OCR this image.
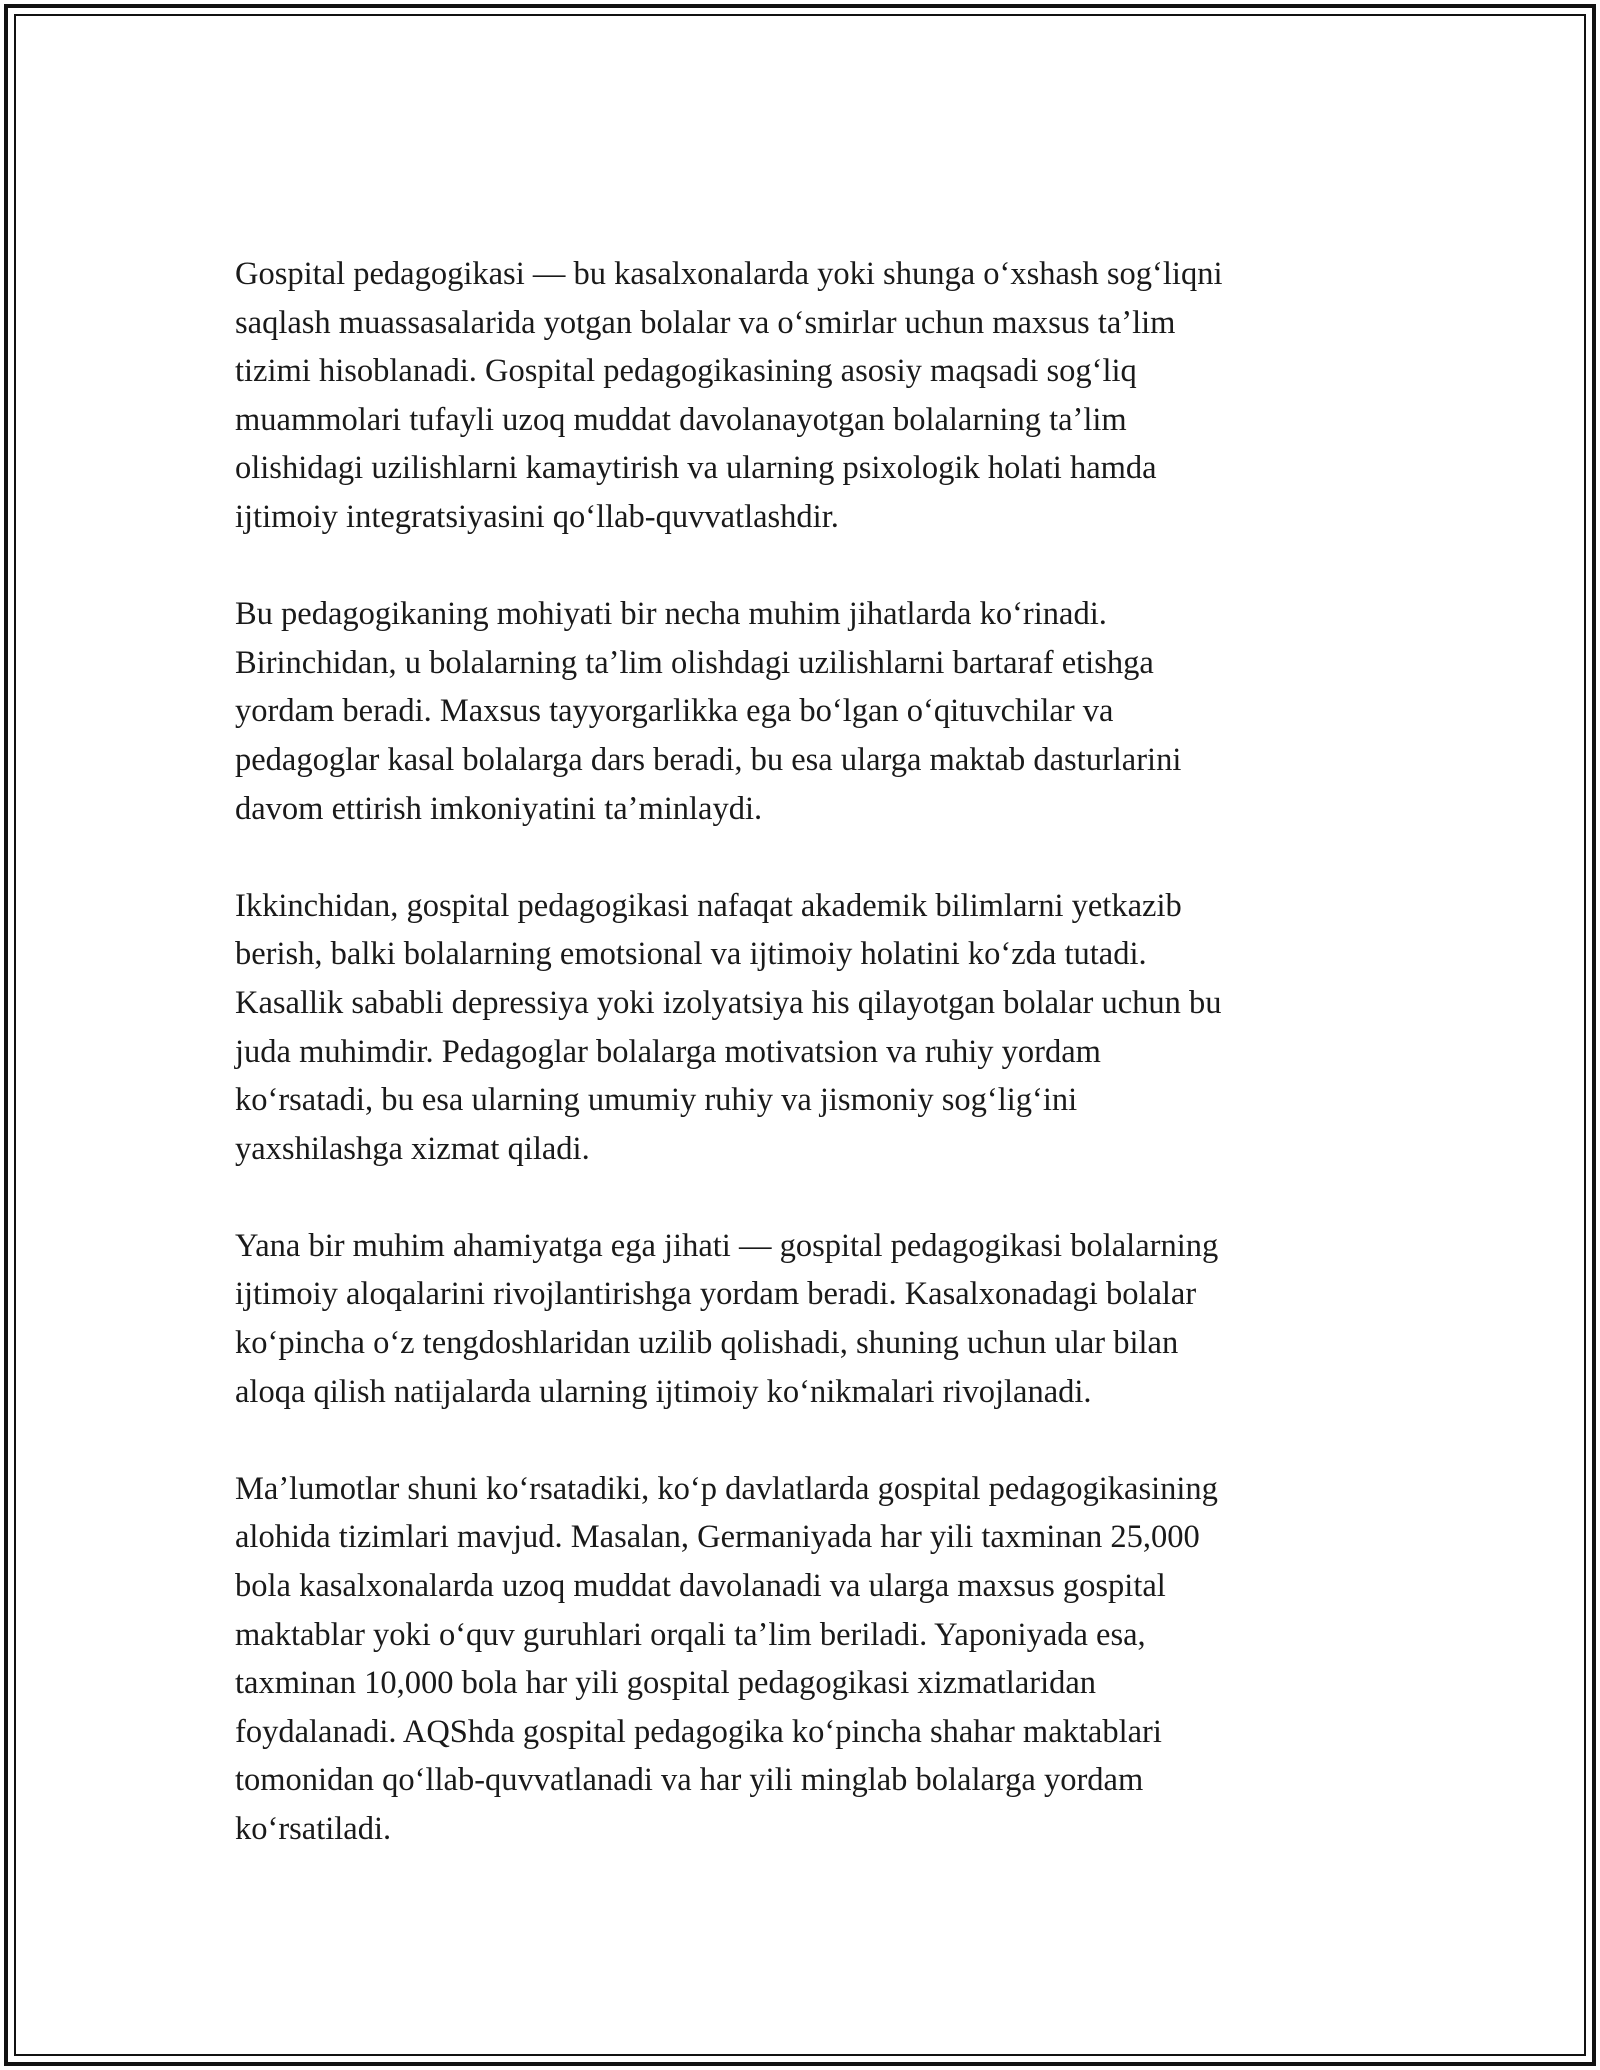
Gospital pedagogikasi — bu kasalxonalarda yoki shunga oʻxshash sogʻliqni
saqlash muassasalarida yotgan bolalar va oʻsmirlar uchun maxsus taʼlim
tizimi hisoblanadi. Gospital pedagogikasining asosiy maqsadi sogʻliq
muammolari tufayli uzoq muddat davolanayotgan bolalarning taʼlim
olishidagi uzilishlarni kamaytirish va ularning psixologik holati hamda
ijtimoiy integratsiyasini qoʻllab-quvvatlashdir.

Bu pedagogikaning mohiyati bir necha muhim jihatlarda koʻrinadi.
Birinchidan, u bolalarning taʼlim olishdagi uzilishlarni bartaraf etishga
yordam beradi. Maxsus tayyorgarlikka ega boʻlgan oʻqituvchilar va
pedagoglar kasal bolalarga dars beradi, bu esa ularga maktab dasturlarini
davom ettirish imkoniyatini taʼminlaydi.

Ikkinchidan, gospital pedagogikasi nafaqat akademik bilimlarni yetkazib
berish, balki bolalarning emotsional va ijtimoiy holatini koʻzda tutadi.
Kasallik sababli depressiya yoki izolyatsiya his qilayotgan bolalar uchun bu
juda muhimdir. Pedagoglar bolalarga motivatsion va ruhiy yordam
koʻrsatadi, bu esa ularning umumiy ruhiy va jismoniy sogʻligʻini
yaxshilashga xizmat qiladi.

Yana bir muhim ahamiyatga ega jihati — gospital pedagogikasi bolalarning
ijtimoiy aloqalarini rivojlantirishga yordam beradi. Kasalxonadagi bolalar
koʻpincha oʻz tengdoshlaridan uzilib qolishadi, shuning uchun ular bilan
aloqa qilish natijalarda ularning ijtimoiy koʻnikmalari rivojlanadi.

Maʼlumotlar shuni koʻrsatadiki, koʻp davlatlarda gospital pedagogikasining
alohida tizimlari mavjud. Masalan, Germaniyada har yili taxminan 25,000
bola kasalxonalarda uzoq muddat davolanadi va ularga maxsus gospital
maktablar yoki oʻquv guruhlari orqali taʼlim beriladi. Yaponiyada esa,
taxminan 10,000 bola har yili gospital pedagogikasi xizmatlaridan
foydalanadi. AQShda gospital pedagogika koʻpincha shahar maktablari
tomonidan qoʻllab-quvvatlanadi va har yili minglab bolalarga yordam
koʻrsatiladi.
